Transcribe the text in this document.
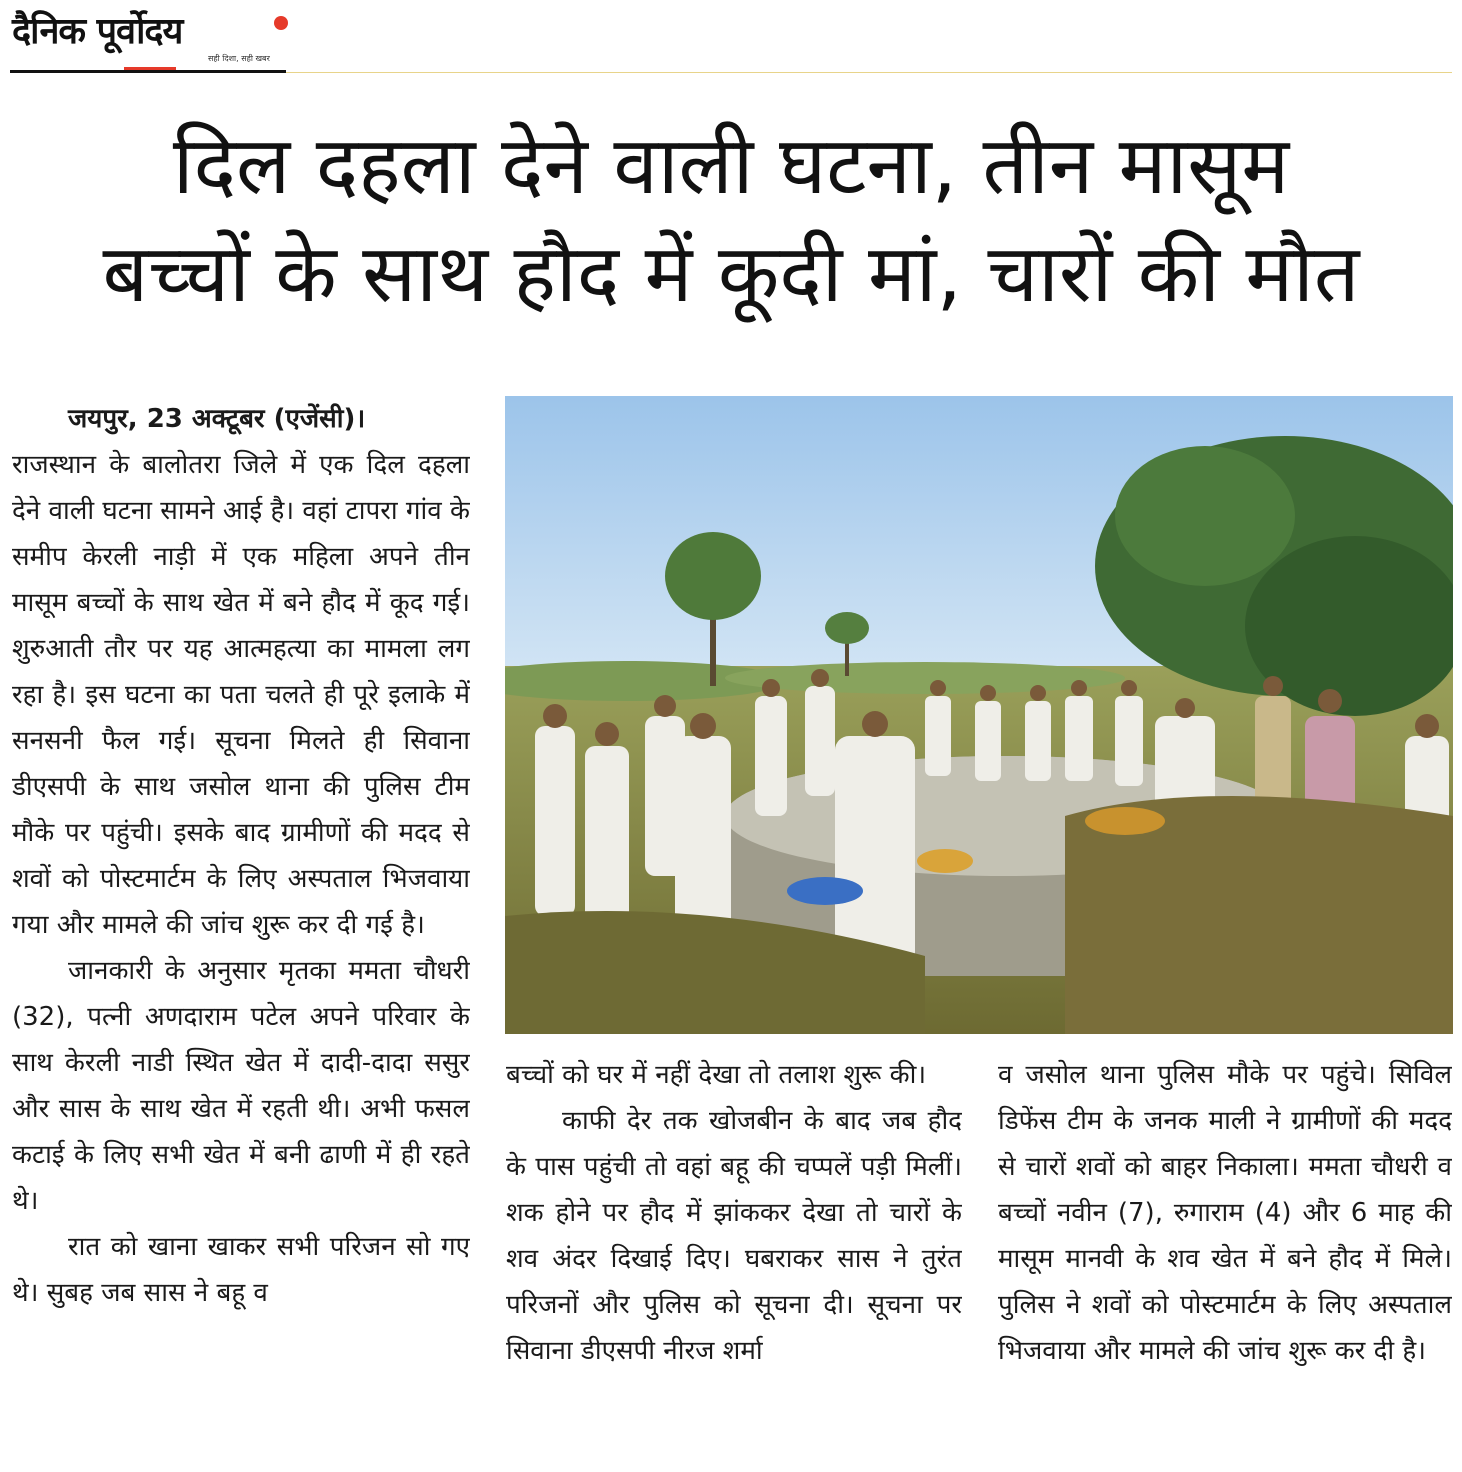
दैनिक पूर्वोदय
सही दिशा, सही खबर
दिल दहला देने वाली घटना, तीन मासूम
बच्चों के साथ हौद में कूदी मां, चारों की मौत

जयपुर, 23 अक्टूबर (एजेंसी)।

राजस्थान के बालोतरा जिले में एक दिल दहला देने वाली घटना सामने आई है। वहां टापरा गांव के समीप केरली नाड़ी में एक महिला अपने तीन मासूम बच्चों के साथ खेत में बने हौद में कूद गई। शुरुआती तौर पर यह आत्महत्या का मामला लग रहा है। इस घटना का पता चलते ही पूरे इलाके में सनसनी फैल गई। सूचना मिलते ही सिवाना डीएसपी के साथ जसोल थाना की पुलिस टीम मौके पर पहुंची। इसके बाद ग्रामीणों की मदद से शवों को पोस्टमार्टम के लिए अस्पताल भिजवाया गया और मामले की जांच शुरू कर दी गई है।

जानकारी के अनुसार मृतका ममता चौधरी (32), पत्नी अणदाराम पटेल अपने परिवार के साथ केरली नाडी स्थित खेत में दादी-दादा ससुर और सास के साथ खेत में रहती थी। अभी फसल कटाई के लिए सभी खेत में बनी ढाणी में ही रहते थे।

रात को खाना खाकर सभी परिजन सो गए थे। सुबह जब सास ने बहू व

बच्चों को घर में नहीं देखा तो तलाश शुरू की।

काफी देर तक खोजबीन के बाद जब हौद के पास पहुंची तो वहां बहू की चप्पलें पड़ी मिलीं। शक होने पर हौद में झांककर देखा तो चारों के शव अंदर दिखाई दिए। घबराकर सास ने तुरंत परिजनों और पुलिस को सूचना दी। सूचना पर सिवाना डीएसपी नीरज शर्मा

व जसोल थाना पुलिस मौके पर पहुंचे। सिविल डिफेंस टीम के जनक माली ने ग्रामीणों की मदद से चारों शवों को बाहर निकाला। ममता चौधरी व बच्चों नवीन (7), रुगाराम (4) और 6 माह की मासूम मानवी के शव खेत में बने हौद में मिले। पुलिस ने शवों को पोस्टमार्टम के लिए अस्पताल भिजवाया और मामले की जांच शुरू कर दी है।
